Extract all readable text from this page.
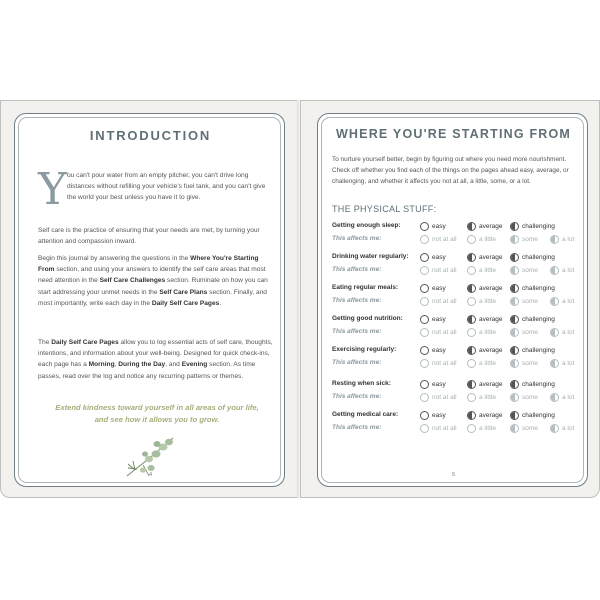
INTRODUCTION
Y ou can't pour water from an empty pitcher, you can't drive long distances without refilling your vehicle's fuel tank, and you can't give the world your best unless you have it to give.
Self care is the practice of ensuring that your needs are met, by turning your attention and compassion inward.
Begin this journal by answering the questions in the Where You're Starting From section, and using your answers to identify the self care areas that most need attention in the Self Care Challenges section. Ruminate on how you can start addressing your unmet needs in the Self Care Plans section. Finally, and most importantly, write each day in the Daily Self Care Pages.
The Daily Self Care Pages allow you to log essential acts of self care, thoughts, intentions, and information about your well-being. Designed for quick check-ins, each page has a Morning, During the Day, and Evening section. As time passes, read over the log and notice any recurring patterns or themes.
Extend kindness toward yourself in all areas of your life,
and see how it allows you to grow.
4
WHERE YOU'RE STARTING FROM
To nurture yourself better, begin by figuring out where you need more nourishment. Check off whether you find each of the things on the pages ahead easy, average, or challenging, and whether it affects you not at all, a little, some, or a lot.
THE PHYSICAL STUFF:
Getting enough sleep:	easy	average	challenging
This affects me:	not at all	a little	some	a lot
Drinking water regularly:	easy	average	challenging
This affects me:	not at all	a little	some	a lot
Eating regular meals:	easy	average	challenging
This affects me:	not at all	a little	some	a lot
Getting good nutrition:	easy	average	challenging
This affects me:	not at all	a little	some	a lot
Exercising regularly:	easy	average	challenging
This affects me:	not at all	a little	some	a lot
Resting when sick:	easy	average	challenging
This affects me:	not at all	a little	some	a lot
Getting medical care:	easy	average	challenging
This affects me:	not at all	a little	some	a lot
5
